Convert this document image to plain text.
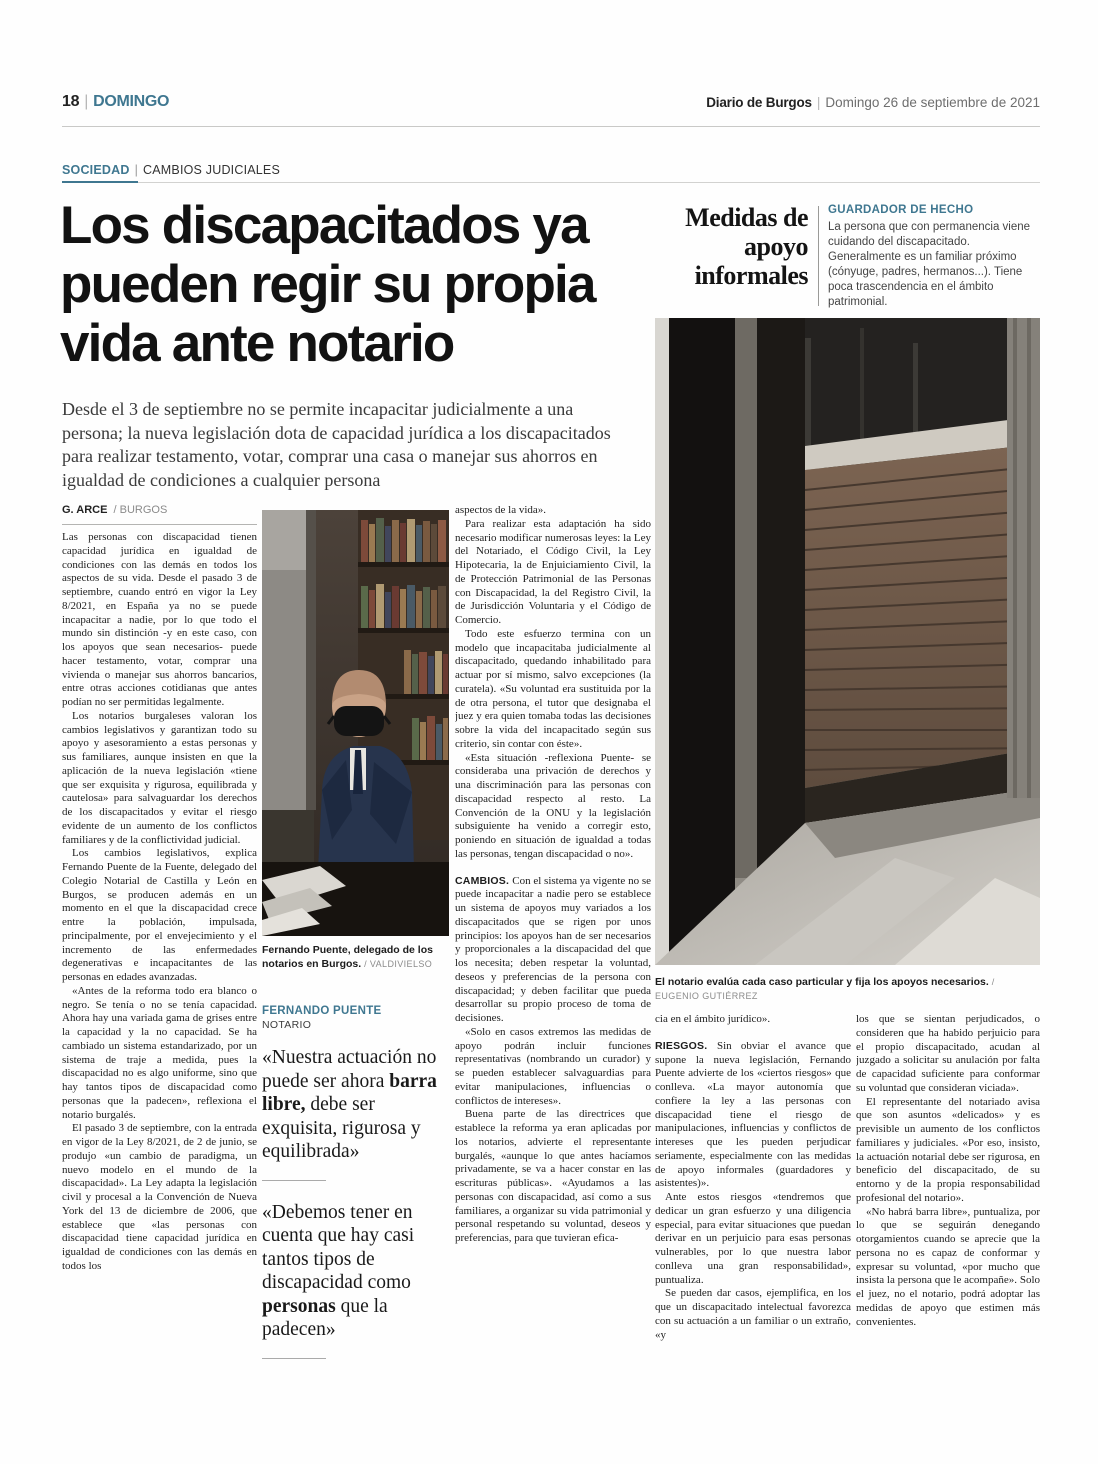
18 | DOMINGO	Diario de Burgos | Domingo 26 de septiembre de 2021
SOCIEDAD | CAMBIOS JUDICIALES
Los discapacitados ya
pueden regir su propia
vida ante notario
Desde el 3 de septiembre no se permite incapacitar judicialmente a una persona; la nueva legislación dota de capacidad jurídica a los discapacitados para realizar testamento, votar, comprar una casa o manejar sus ahorros en igualdad de condiciones a cualquier persona
G. ARCE / BURGOS

Las personas con discapacidad tienen capacidad jurídica en igualdad de condiciones con las demás en todos los aspectos de su vida. Desde el pasado 3 de septiembre, cuando entró en vigor la Ley 8/2021, en España ya no se puede incapacitar a nadie, por lo que todo el mundo sin distinción -y en este caso, con los apoyos que sean necesarios- puede hacer testamento, votar, comprar una vivienda o manejar sus ahorros bancarios, entre otras acciones cotidianas que antes podían no ser permitidas legalmente.

Los notarios burgaleses valoran los cambios legislativos y garantizan todo su apoyo y asesoramiento a estas personas y sus familiares, aunque insisten en que la aplicación de la nueva legislación «tiene que ser exquisita y rigurosa, equilibrada y cautelosa» para salvaguardar los derechos de los discapacitados y evitar el riesgo evidente de un aumento de los conflictos familiares y de la conflictividad judicial.

Los cambios legislativos, explica Fernando Puente de la Fuente, delegado del Colegio Notarial de Castilla y León en Burgos, se producen además en un momento en el que la discapacidad crece entre la población, impulsada, principalmente, por el envejecimiento y el incremento de las enfermedades degenerativas e incapacitantes de las personas en edades avanzadas.

«Antes de la reforma todo era blanco o negro. Se tenía o no se tenía capacidad. Ahora hay una variada gama de grises entre la capacidad y la no capacidad. Se ha cambiado un sistema estandarizado, por un sistema de traje a medida, pues la discapacidad no es algo uniforme, sino que hay tantos tipos de discapacidad como personas que la padecen», reflexiona el notario burgalés.

El pasado 3 de septiembre, con la entrada en vigor de la Ley 8/2021, de 2 de junio, se produjo «un cambio de paradigma, un nuevo modelo en el mundo de la discapacidad». La Ley adapta la legislación civil y procesal a la Convención de Nueva York del 13 de diciembre de 2006, que establece que «las personas con discapacidad tiene capacidad jurídica en igualdad de condiciones con las demás en todos los

aspectos de la vida».

Para realizar esta adaptación ha sido necesario modificar numerosas leyes: la Ley del Notariado, el Código Civil, la Ley Hipotecaria, la de Enjuiciamiento Civil, la de Protección Patrimonial de las Personas con Discapacidad, la del Registro Civil, la de Jurisdicción Voluntaria y el Código de Comercio.

Todo este esfuerzo termina con un modelo que incapacitaba judicialmente al discapacitado, quedando inhabilitado para actuar por sí mismo, salvo excepciones (la curatela). «Su voluntad era sustituida por la de otra persona, el tutor que designaba el juez y era quien tomaba todas las decisiones sobre la vida del incapacitado según sus criterio, sin contar con éste».

«Esta situación -reflexiona Puente- se consideraba una privación de derechos y una discriminación para las personas con discapacidad respecto al resto. La Convención de la ONU y la legislación subsiguiente ha venido a corregir esto, poniendo en situación de igualdad a todas las personas, tengan discapacidad o no».

CAMBIOS. Con el sistema ya vigente no se puede incapacitar a nadie pero se establece un sistema de apoyos muy variados a los discapacitados que se rigen por unos principios: los apoyos han de ser necesarios y proporcionales a la discapacidad del que los necesita; deben respetar la voluntad, deseos y preferencias de la persona con discapacidad; y deben facilitar que pueda desarrollar su propio proceso de toma de decisiones.

«Solo en casos extremos las medidas de apoyo podrán incluir funciones representativas (nombrando un curador) y se pueden establecer salvaguardias para evitar manipulaciones, influencias o conflictos de intereses».

Buena parte de las directrices que establece la reforma ya eran aplicadas por los notarios, advierte el representante burgalés, «aunque lo que antes hacíamos privadamente, se va a hacer constar en las escrituras públicas». «Ayudamos a las personas con discapacidad, así como a sus familiares, a organizar su vida patrimonial y personal respetando su voluntad, deseos y preferencias, para que tuvieran efica-

cia en el ámbito jurídico».

RIESGOS. Sin obviar el avance que supone la nueva legislación, Fernando Puente advierte de los «ciertos riesgos» que conlleva. «La mayor autonomía que confiere la ley a las personas con discapacidad tiene el riesgo de manipulaciones, influencias y conflictos de intereses que les pueden perjudicar seriamente, especialmente con las medidas de apoyo informales (guardadores y asistentes)».

Ante estos riesgos «tendremos que dedicar un gran esfuerzo y una diligencia especial, para evitar situaciones que puedan derivar en un perjuicio para esas personas vulnerables, por lo que nuestra labor conlleva una gran responsabilidad», puntualiza.

Se pueden dar casos, ejemplifica, en los que un discapacitado intelectual favorezca con su actuación a un familiar o un extraño, «y

los que se sientan perjudicados, o consideren que ha habido perjuicio para el propio discapacitado, acudan al juzgado a solicitar su anulación por falta de capacidad suficiente para conformar su voluntad que consideran viciada».

El representante del notariado avisa que son asuntos «delicados» y es previsible un aumento de los conflictos familiares y judiciales. «Por eso, insisto, la actuación notarial debe ser rigurosa, en beneficio del discapacitado, de su entorno y de la propia responsabilidad profesional del notario».

«No habrá barra libre», puntualiza, por lo que se seguirán denegando otorgamientos cuando se aprecie que la persona no es capaz de conformar y expresar su voluntad, «por mucho que insista la persona que le acompañe». Solo el juez, no el notario, podrá adoptar las medidas de apoyo que estimen más convenientes.

Fernando Puente, delegado de los notarios en Burgos. / VALDIVIELSO
FERNANDO PUENTE
NOTARIO
«Nuestra actuación no puede ser ahora barra libre, debe ser exquisita, rigurosa y equilibrada»
«Debemos tener en cuenta que hay casi tantos tipos de discapacidad como personas que la padecen»
Medidas de
apoyo
informales
GUARDADOR DE HECHO
La persona que con permanencia viene cuidando del discapacitado. Generalmente es un familiar próximo (cónyuge, padres, hermanos...). Tiene poca trascendencia en el ámbito patrimonial.
El notario evalúa cada caso particular y fija los apoyos necesarios. / EUGENIO GUTIÉRREZ
